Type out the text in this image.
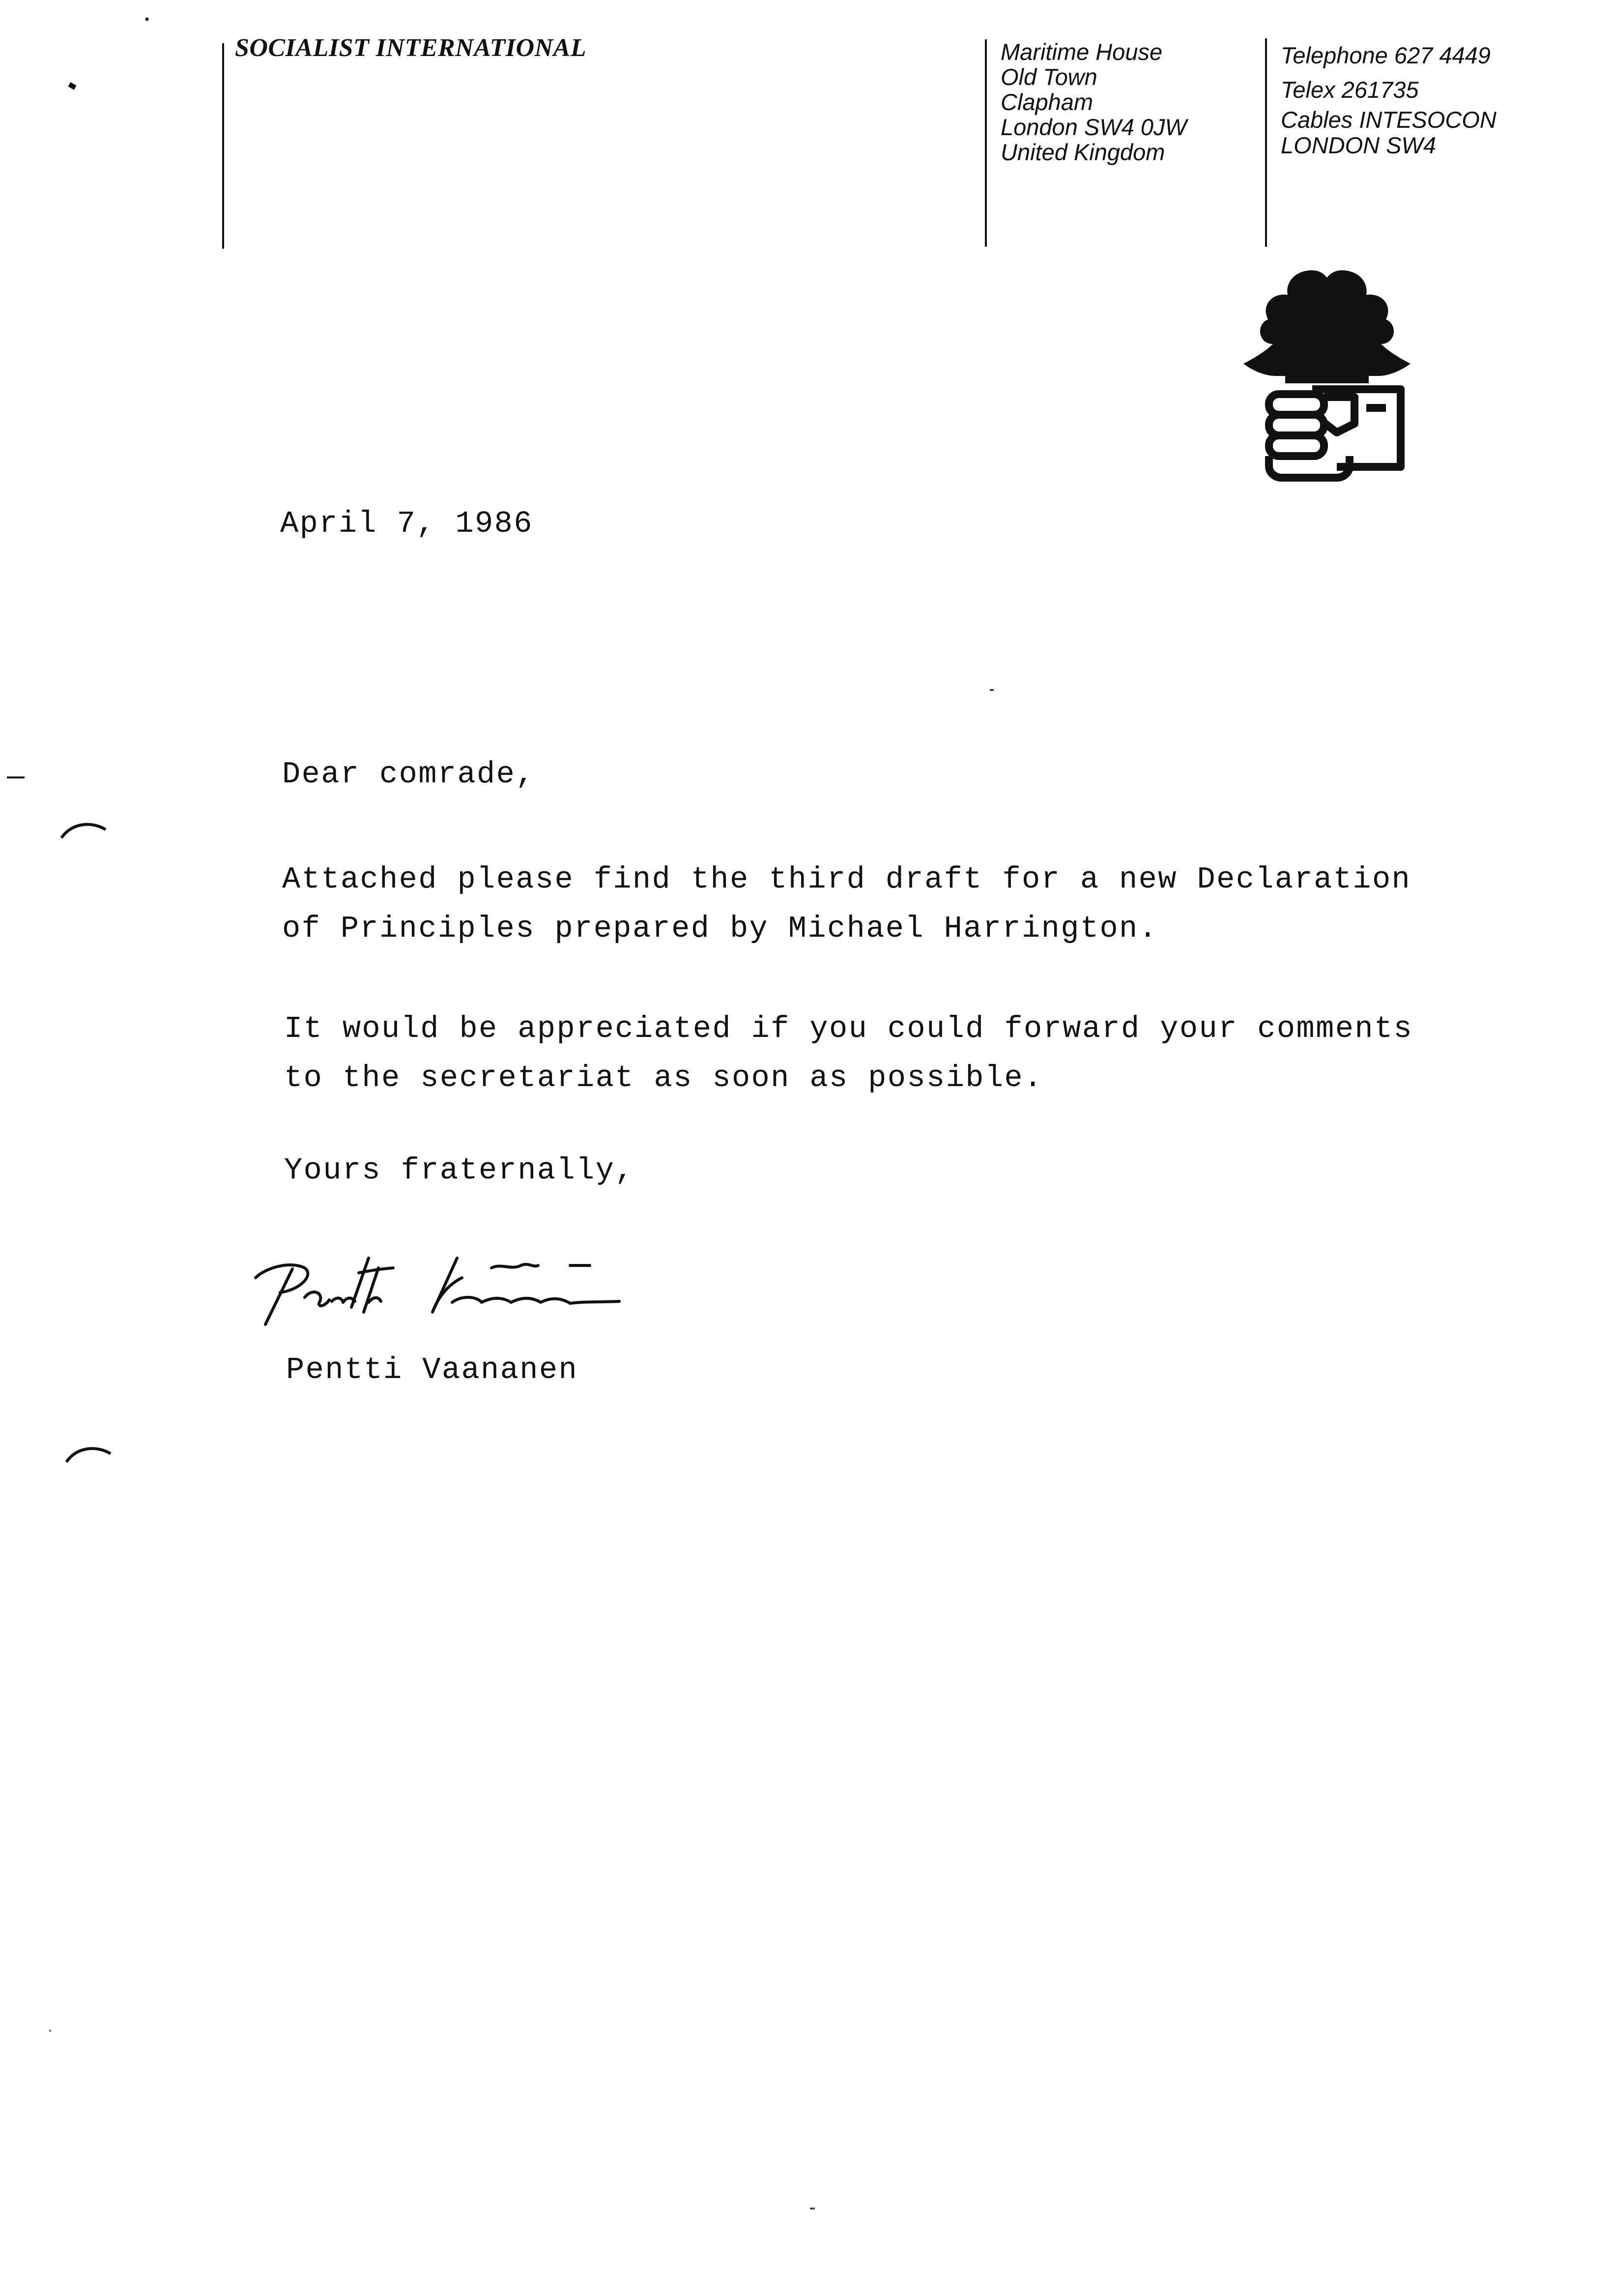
SOCIALIST INTERNATIONAL	Maritime House
Old Town
Clapham
London SW4 0JW
United Kingdom
Telephone 627 4449
Telex 261735
Cables INTESOCON
LONDON SW4
April 7, 1986
Dear comrade,
Attached please find the third draft for a new Declaration
of Principles prepared by Michael Harrington.
It would be appreciated if you could forward your comments
to the secretariat as soon as possible.
Yours fraternally,
Pentti Vaananen
